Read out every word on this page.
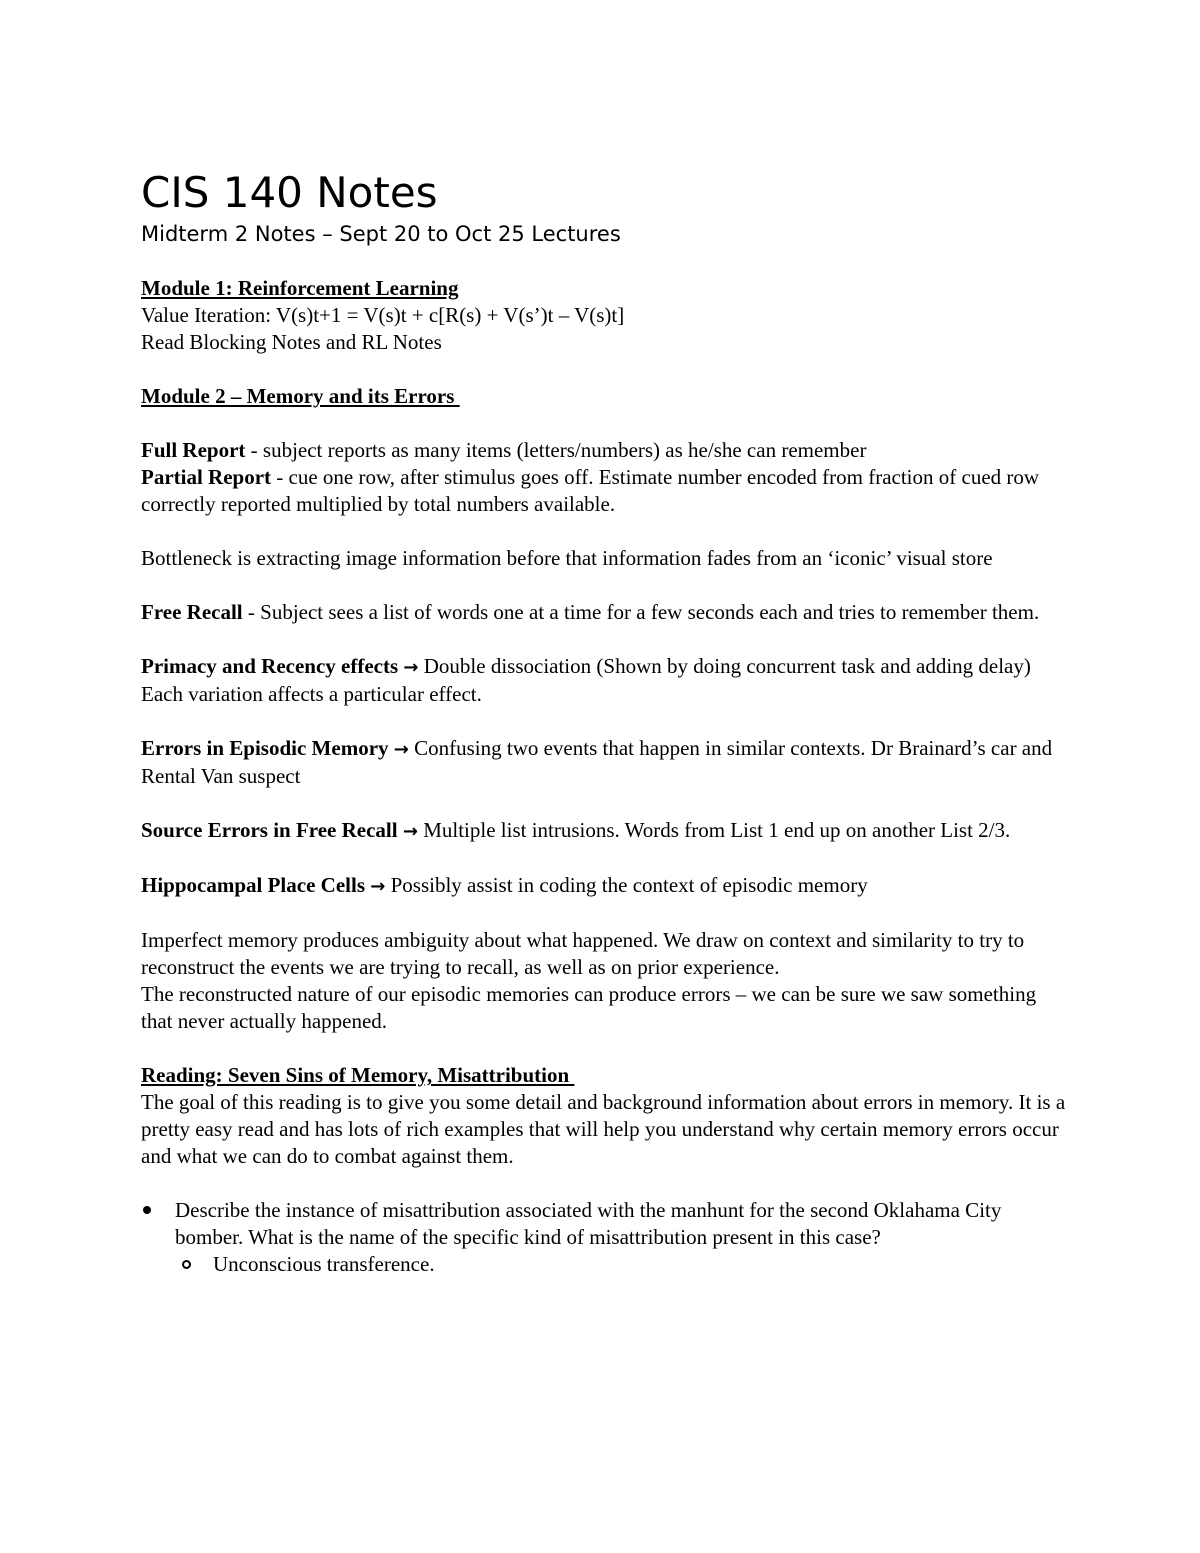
CIS 140 Notes
Midterm 2 Notes – Sept 20 to Oct 25 Lectures

Module 1: Reinforcement Learning

Value Iteration: V(s)t+1 = V(s)t + c[R(s) + V(s’)t – V(s)t]

Read Blocking Notes and RL Notes

Module 2 – Memory and its Errors

Full Report - subject reports as many items (letters/numbers) as he/she can remember

Partial Report - cue one row, after stimulus goes off. Estimate number encoded from fraction of cued row correctly reported multiplied by total numbers available.

Bottleneck is extracting image information before that information fades from an ‘iconic’ visual store

Free Recall - Subject sees a list of words one at a time for a few seconds each and tries to remember them.

Primacy and Recency effects → Double dissociation (Shown by doing concurrent task and adding delay) Each variation affects a particular effect.

Errors in Episodic Memory → Confusing two events that happen in similar contexts. Dr Brainard’s car and Rental Van suspect

Source Errors in Free Recall → Multiple list intrusions. Words from List 1 end up on another List 2/3.

Hippocampal Place Cells → Possibly assist in coding the context of episodic memory

Imperfect memory produces ambiguity about what happened. We draw on context and similarity to try to reconstruct the events we are trying to recall, as well as on prior experience.

The reconstructed nature of our episodic memories can produce errors – we can be sure we saw something that never actually happened.

Reading: Seven Sins of Memory, Misattribution

The goal of this reading is to give you some detail and background information about errors in memory. It is a pretty easy read and has lots of rich examples that will help you understand why certain memory errors occur and what we can do to combat against them.

Describe the instance of misattribution associated with the manhunt for the second Oklahama City bomber. What is the name of the specific kind of misattribution present in this case?
Unconscious transference.
